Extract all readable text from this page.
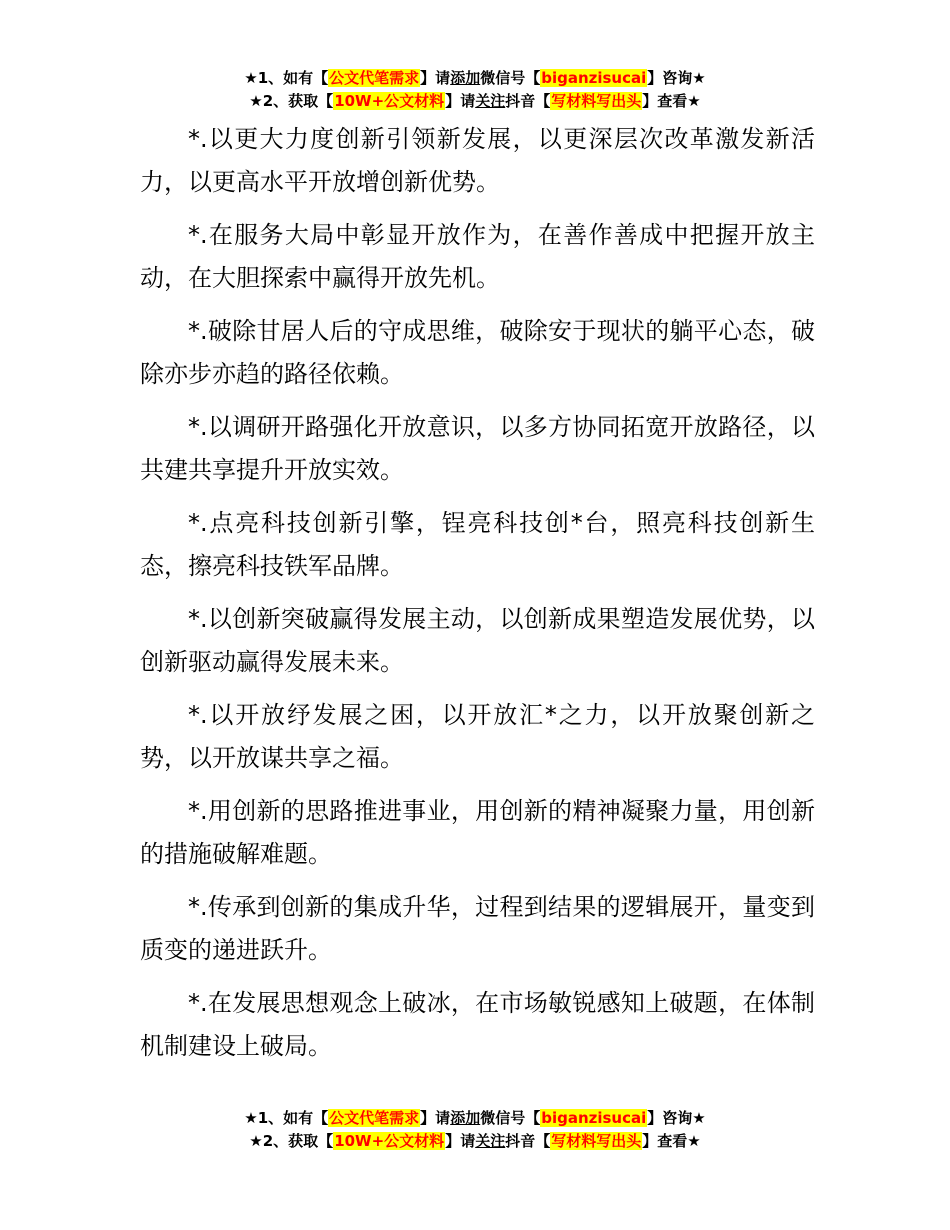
★1、如有【公文代笔需求】请添加微信号【biganzisucai】咨询★
★2、获取【10W+公文材料】请关注抖音【写材料写出头】查看★

*.以更大力度创新引领新发展，以更深层次改革激发新活力，以更高水平开放增创新优势。

*.在服务大局中彰显开放作为，在善作善成中把握开放主动，在大胆探索中赢得开放先机。

*.破除甘居人后的守成思维，破除安于现状的躺平心态，破除亦步亦趋的路径依赖。

*.以调研开路强化开放意识，以多方协同拓宽开放路径，以共建共享提升开放实效。

*.点亮科技创新引擎，锃亮科技创*台，照亮科技创新生态，擦亮科技铁军品牌。

*.以创新突破赢得发展主动，以创新成果塑造发展优势，以创新驱动赢得发展未来。

*.以开放纾发展之困，以开放汇*之力，以开放聚创新之势，以开放谋共享之福。

*.用创新的思路推进事业，用创新的精神凝聚力量，用创新的措施破解难题。

*.传承到创新的集成升华，过程到结果的逻辑展开，量变到质变的递进跃升。

*.在发展思想观念上破冰，在市场敏锐感知上破题，在体制机制建设上破局。

★1、如有【公文代笔需求】请添加微信号【biganzisucai】咨询★
★2、获取【10W+公文材料】请关注抖音【写材料写出头】查看★
